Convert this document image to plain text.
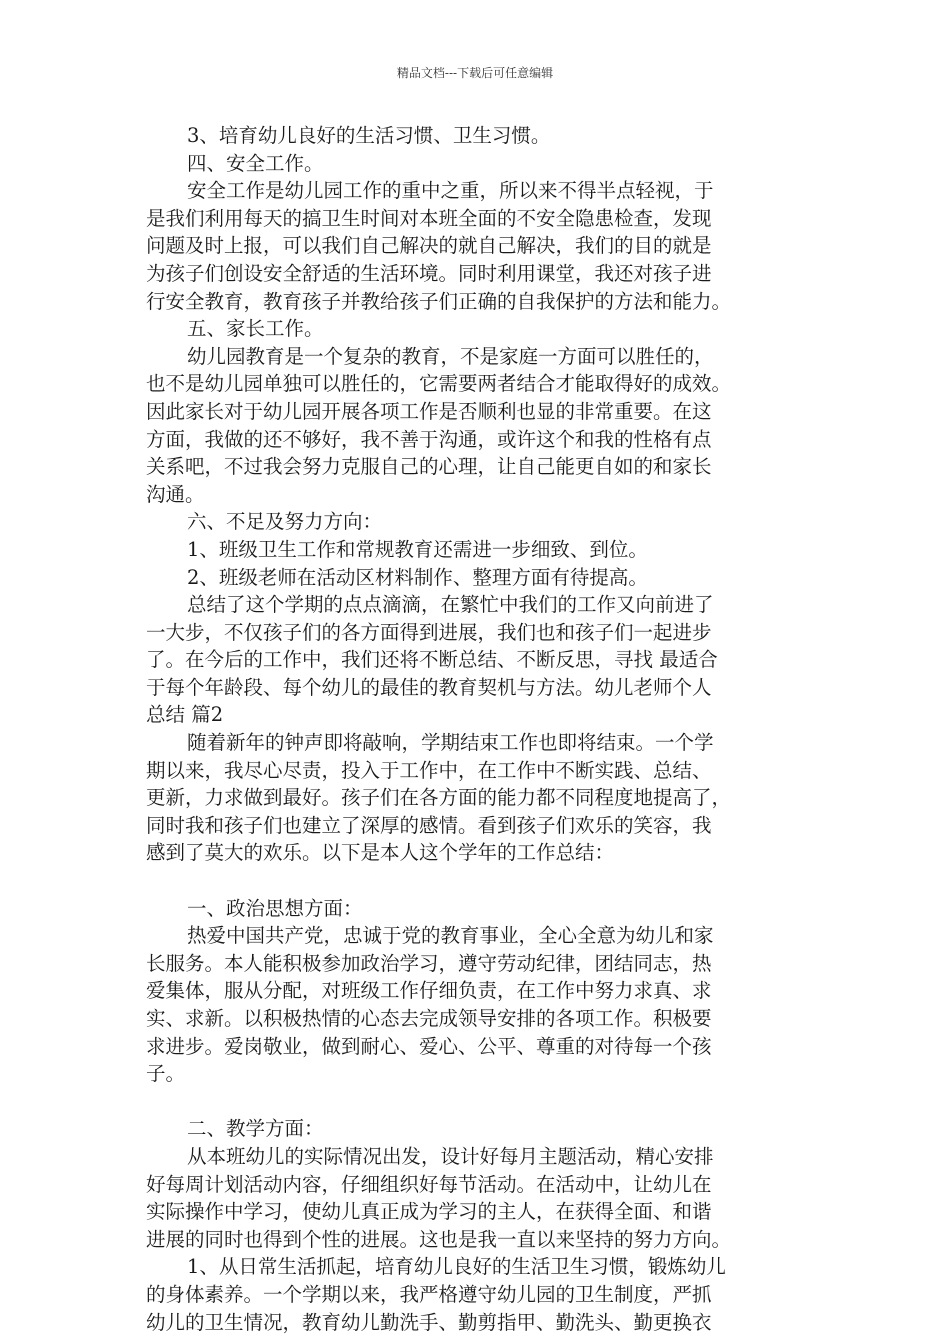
精品文档---下载后可任意编辑
3、培育幼儿良好的生活习惯、卫生习惯。
四、安全工作。
安全工作是幼儿园工作的重中之重，所以来不得半点轻视，于
是我们利用每天的搞卫生时间对本班全面的不安全隐患检查，发现
问题及时上报，可以我们自己解决的就自己解决，我们的目的就是
为孩子们创设安全舒适的生活环境。同时利用课堂，我还对孩子进
行安全教育，教育孩子并教给孩子们正确的自我保护的方法和能力。
五、家长工作。
幼儿园教育是一个复杂的教育，不是家庭一方面可以胜任的，
也不是幼儿园单独可以胜任的，它需要两者结合才能取得好的成效。
因此家长对于幼儿园开展各项工作是否顺利也显的非常重要。在这
方面，我做的还不够好，我不善于沟通，或许这个和我的性格有点
关系吧，不过我会努力克服自己的心理，让自己能更自如的和家长
沟通。
六、不足及努力方向：
1、班级卫生工作和常规教育还需进一步细致、到位。
2、班级老师在活动区材料制作、整理方面有待提高。
总结了这个学期的点点滴滴，在繁忙中我们的工作又向前进了
一大步，不仅孩子们的各方面得到进展，我们也和孩子们一起进步
了。在今后的工作中，我们还将不断总结、不断反思，寻找 最适合
于每个年龄段、每个幼儿的最佳的教育契机与方法。幼儿老师个人
总结 篇2
随着新年的钟声即将敲响，学期结束工作也即将结束。一个学
期以来，我尽心尽责，投入于工作中，在工作中不断实践、总结、
更新，力求做到最好。孩子们在各方面的能力都不同程度地提高了，
同时我和孩子们也建立了深厚的感情。看到孩子们欢乐的笑容，我
感到了莫大的欢乐。以下是本人这个学年的工作总结：
一、政治思想方面：
热爱中国共产党，忠诚于党的教育事业，全心全意为幼儿和家
长服务。本人能积极参加政治学习，遵守劳动纪律，团结同志，热
爱集体，服从分配，对班级工作仔细负责，在工作中努力求真、求
实、求新。以积极热情的心态去完成领导安排的各项工作。积极要
求进步。爱岗敬业，做到耐心、爱心、公平、尊重的对待每一个孩
子。
二、教学方面：
从本班幼儿的实际情况出发，设计好每月主题活动，精心安排
好每周计划活动内容，仔细组织好每节活动。在活动中，让幼儿在
实际操作中学习，使幼儿真正成为学习的主人，在获得全面、和谐
进展的同时也得到个性的进展。这也是我一直以来坚持的努力方向。
1、从日常生活抓起，培育幼儿良好的生活卫生习惯，锻炼幼儿
的身体素养。一个学期以来，我严格遵守幼儿园的卫生制度，严抓
幼儿的卫生情况，教育幼儿勤洗手、勤剪指甲、勤洗头、勤更换衣
